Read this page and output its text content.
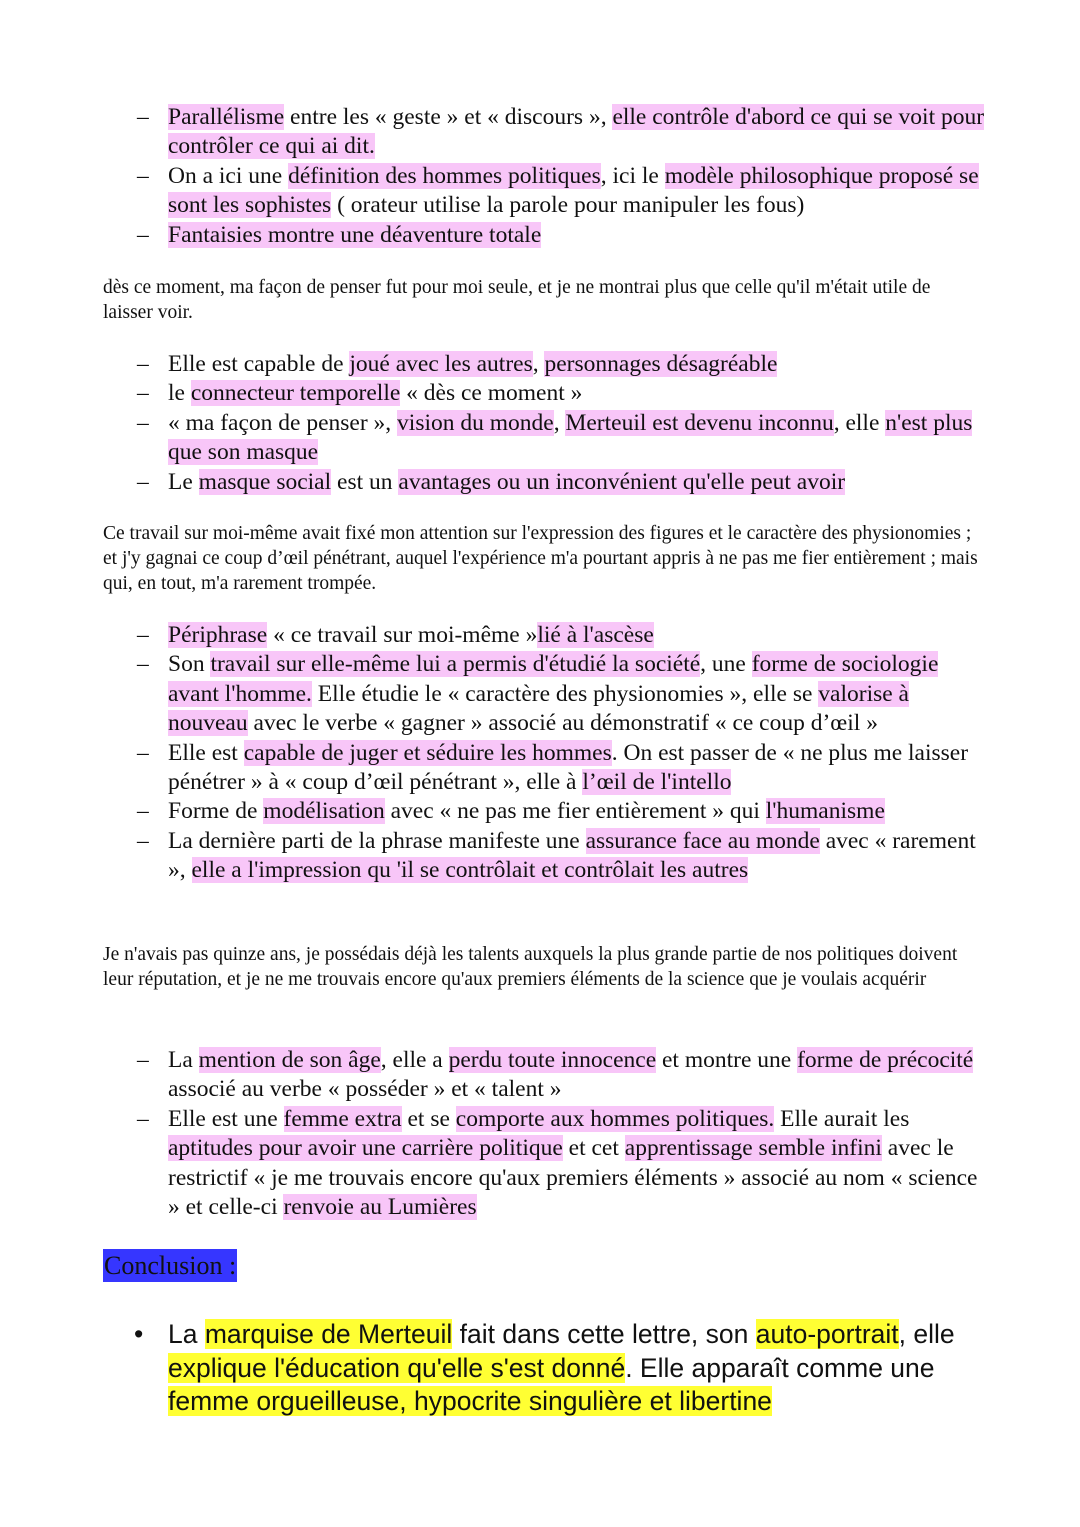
– Parallélisme entre les « geste » et « discours », elle contrôle d'abord ce qui se voit pour contrôler ce qui ai dit.
– On a ici une définition des hommes politiques, ici le modèle philosophique proposé se sont les sophistes ( orateur utilise la parole pour manipuler les fous)
– Fantaisies montre une déaventure totale

dès ce moment, ma façon de penser fut pour moi seule, et je ne montrai plus que celle qu'il m'était utile de laisser voir.

– Elle est capable de joué avec les autres, personnages désagréable
– le connecteur temporelle « dès ce moment »
– « ma façon de penser », vision du monde, Merteuil est devenu inconnu, elle n'est plus que son masque
– Le masque social est un avantages ou un inconvénient qu'elle peut avoir

Ce travail sur moi-même avait fixé mon attention sur l'expression des figures et le caractère des physionomies ; et j'y gagnai ce coup d’œil pénétrant, auquel l'expérience m'a pourtant appris à ne pas me fier entièrement ; mais qui, en tout, m'a rarement trompée.

– Périphrase « ce travail sur moi-même »lié à l'ascèse
– Son travail sur elle-même lui a permis d'étudié la société, une forme de sociologie avant l'homme. Elle étudie le « caractère des physionomies », elle se valorise à nouveau avec le verbe « gagner » associé au démonstratif « ce coup d’œil »
– Elle est capable de juger et séduire les hommes. On est passer de « ne plus me laisser pénétrer » à « coup d’œil pénétrant », elle à l’œil de l'intello
– Forme de modélisation avec « ne pas me fier entièrement » qui l'humanisme
– La dernière parti de la phrase manifeste une assurance face au monde avec « rarement », elle a l'impression qu 'il se contrôlait et contrôlait les autres

Je n'avais pas quinze ans, je possédais déjà les talents auxquels la plus grande partie de nos politiques doivent leur réputation, et je ne me trouvais encore qu'aux premiers éléments de la science que je voulais acquérir

– La mention de son âge, elle a perdu toute innocence et montre une forme de précocité associé au verbe « posséder » et « talent »
– Elle est une femme extra et se comporte aux hommes politiques. Elle aurait les aptitudes pour avoir une carrière politique et cet apprentissage semble infini avec le restrictif « je me trouvais encore qu'aux premiers éléments » associé au nom « science » et celle-ci renvoie au Lumières
Conclusion :
• La marquise de Merteuil fait dans cette lettre, son auto-portrait, elle explique l'éducation qu'elle s'est donné. Elle apparaît comme une femme orgueilleuse, hypocrite singulière et libertine
